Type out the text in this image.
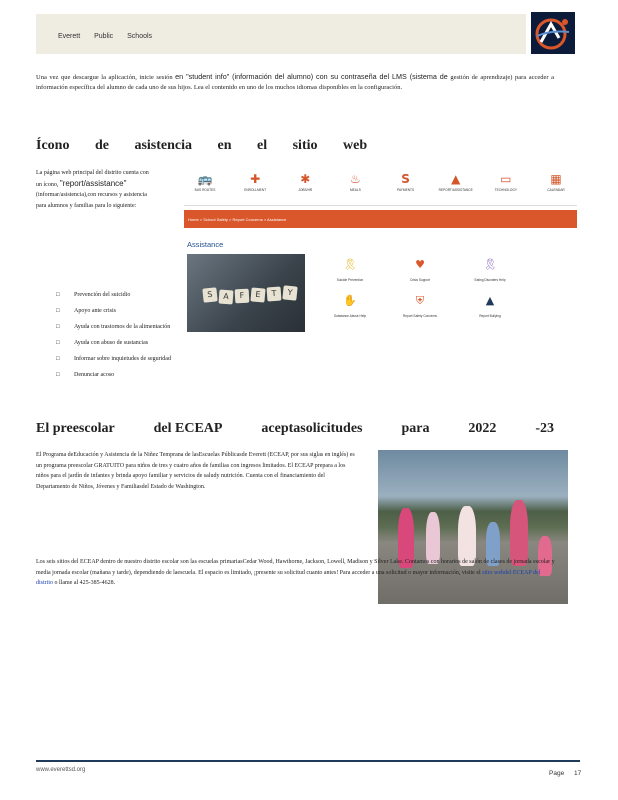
Everett Public Schools
Una vez que descargue la aplicación, inicie sesión en "student info" (información del alumno) con su contraseña del LMS (sistema de gestión de aprendizaje) para acceder a información específica del alumno de cada uno de sus hijos. Lea el contenido en uno de los muchos idiomas disponibles en la configuración.
Ícono de asistencia en el sitio web
La página web principal del distrito cuenta con un ícono, "report/assistance" (informar/asistencia),con recursos y asistencia para alumnos y familias para lo siguiente:
□ Prevención del suicidio
□ Apoyo ante crisis
□ Ayuda con trastornos de la alimentación
□ Ayuda con abuso de sustancias
□ Informar sobre inquietudes de seguridad
□ Denunciar acoso
🚌
BUS ROUTES
✚
ENROLLMENT
✱
JOBS/HR
♨
MEALS
S
PAYMENTS
▲
REPORT/ASSISTANCE
▭
TECHNOLOGY
▦
CALENDAR
Home > School Safety > Report Concerns > Assistance
Assistance
S	A	F	E	T	Y
🎗
Suicide Prevention
♥
Crisis Support
🎗
Eating Disorders Help
✋
Substance Abuse Help
⛨
Report Safety Concerns
▲
Report Bullying
El preescolar	del ECEAP	aceptasolicitudes	para	2022	-23
El Programa deEducación y Asistencia de la Niñez Temprana de lasEscuelas Públicasde Everett (ECEAP, por sus siglas en inglés) es un programa preescolar GRATUITO para niños de tres y cuatro años de familias con ingresos limitados. El ECEAP prepara a los niños para el jardín de infantes y brinda apoyo familiar y servicios de saludy nutrición. Cuenta con el financiamiento del Departamento de Niños, Jóvenes y Familiasdel Estado de Washington.
Los seis sitios del ECEAP dentro de nuestro distrito escolar son las escuelas primariasCedar Wood, Hawthorne, Jackson, Lowell, Madison y Silver Lake. Contamos con horarios de salón de clases de jornada escolar y media jornada escolar (mañana y tarde), dependiendo de laescuela. El espacio es limitado, ¡presente su solicitud cuanto antes! Para acceder a una solicitud o mayor información, visite el sitio webdel ECEAP del distrito o llame al 425-385-4628.
www.everettsd.org	Page 17
